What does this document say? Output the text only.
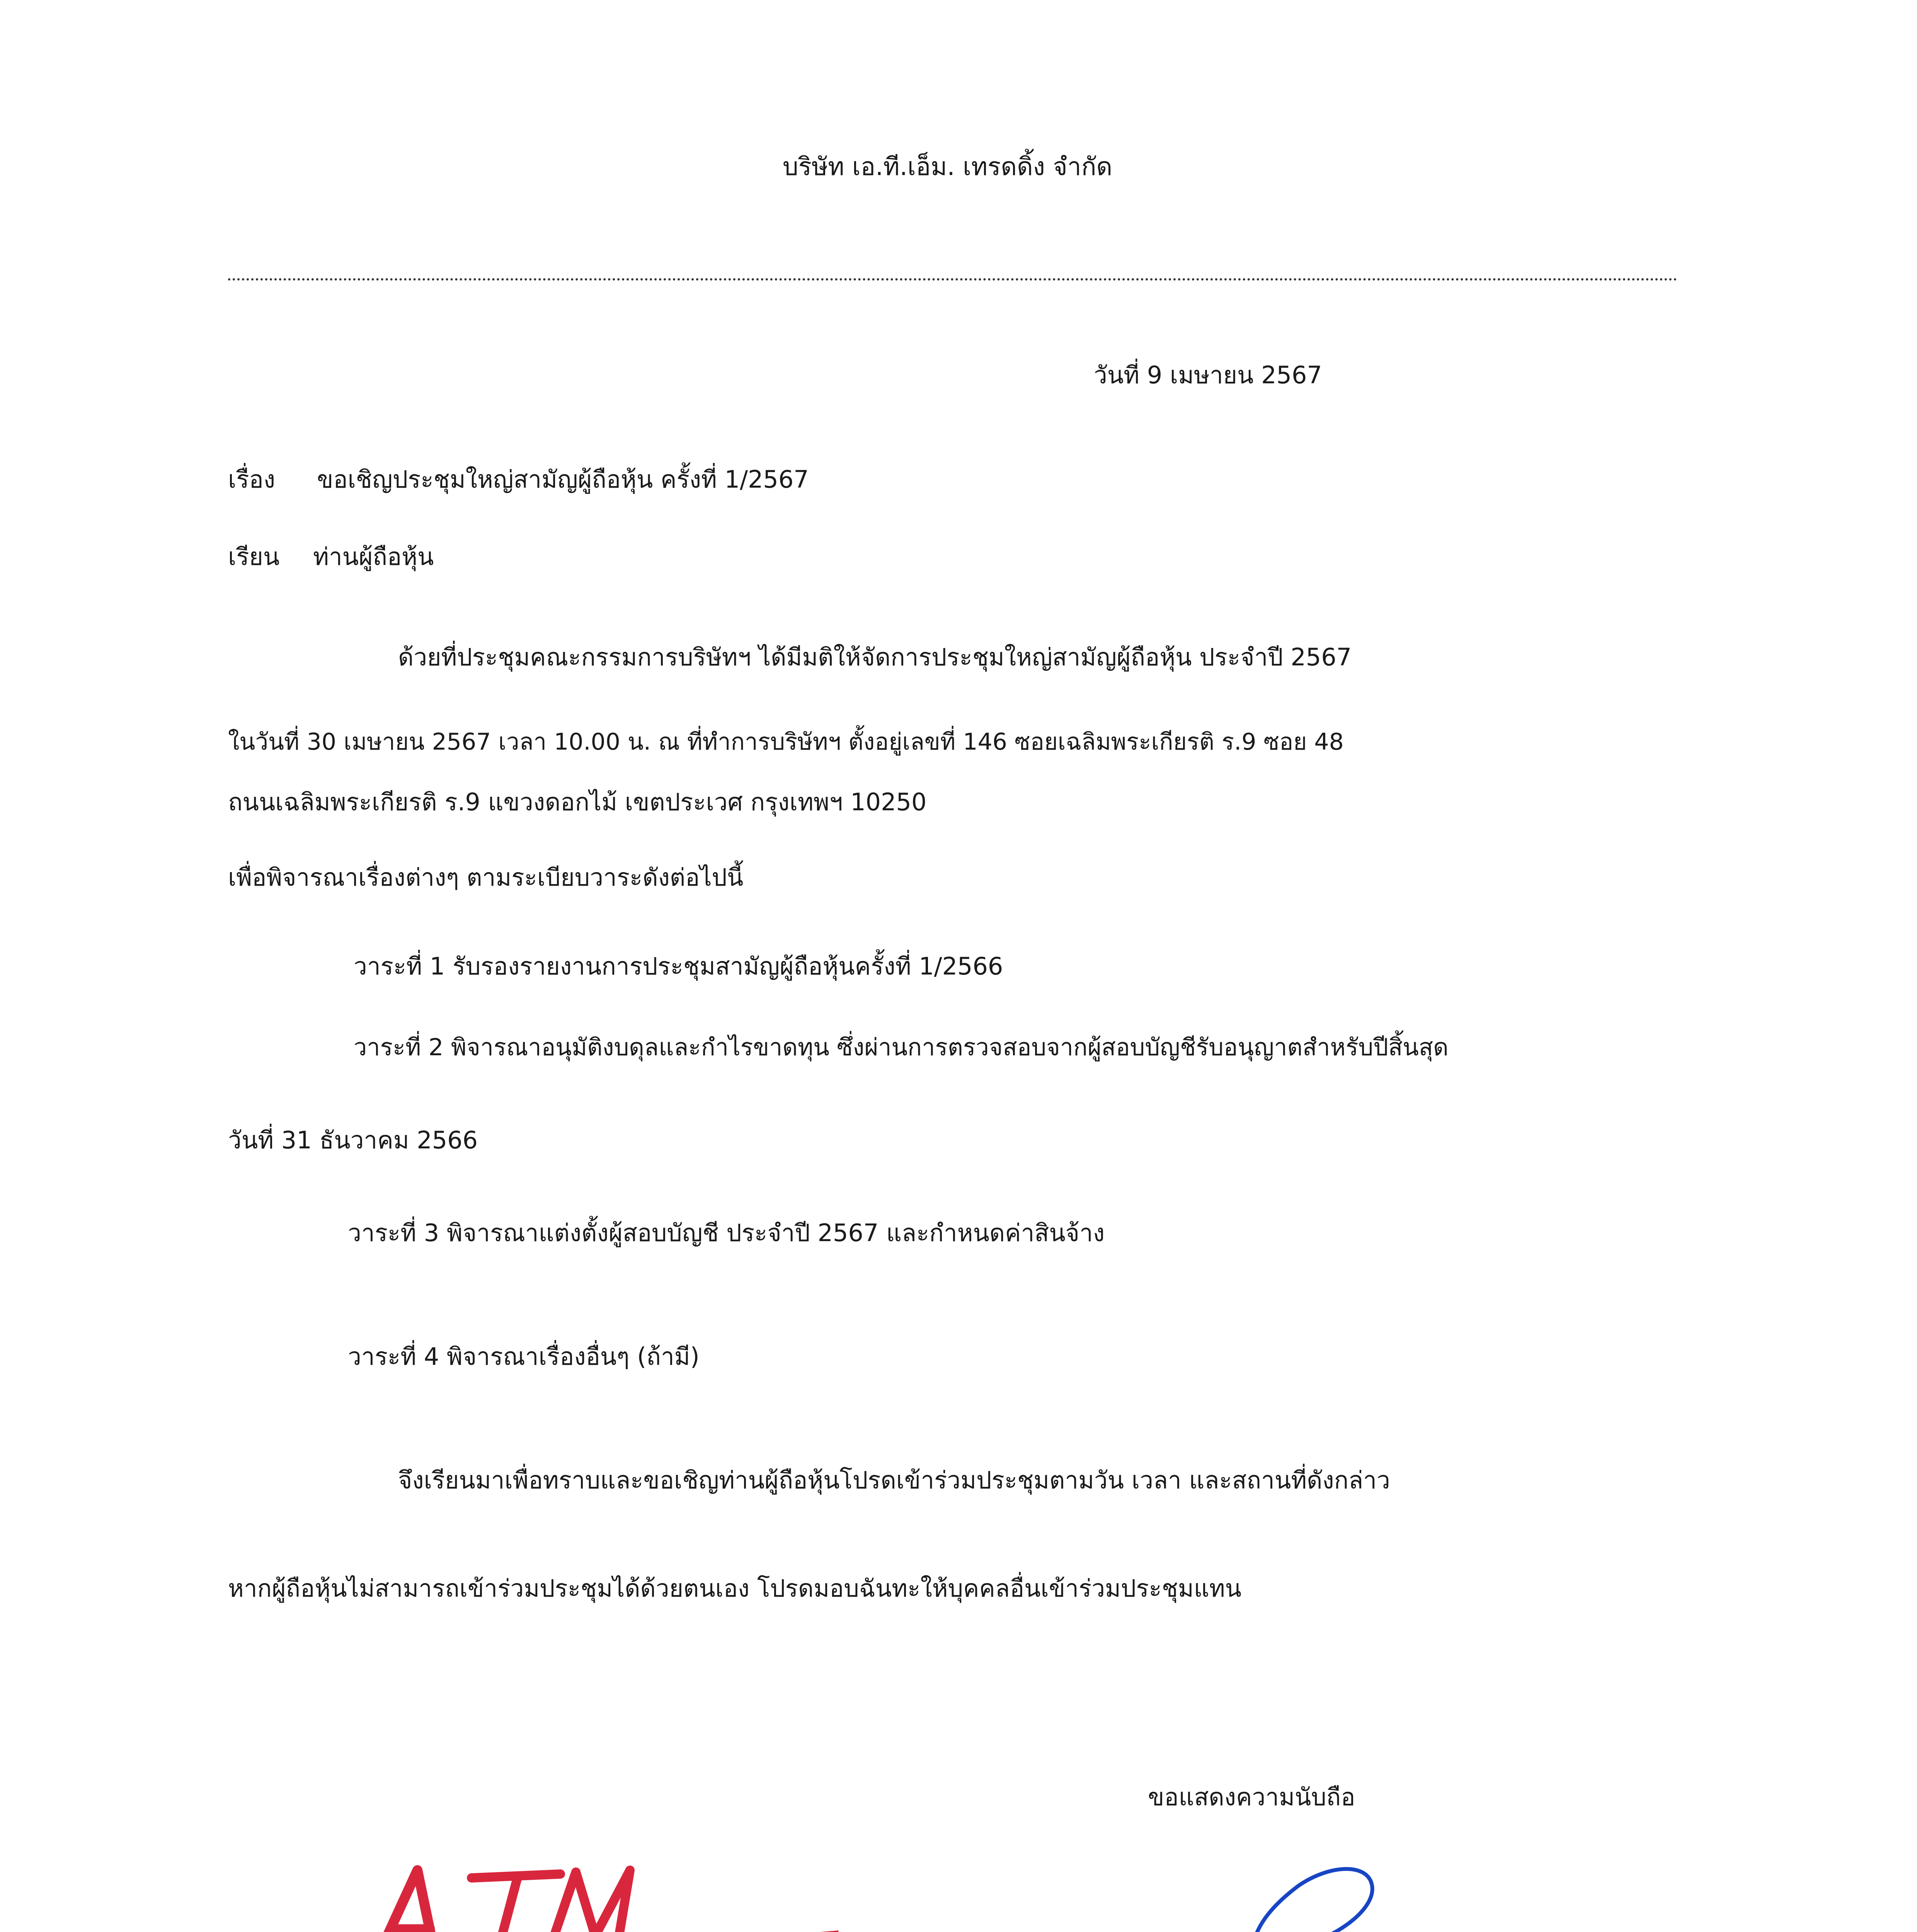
บริษัท เอ.ที.เอ็ม. เทรดดิ้ง จำกัด
วันที่ 9 เมษายน 2567
เรื่อง ขอเชิญประชุมใหญ่สามัญผู้ถือหุ้น ครั้งที่ 1/2567
เรียน ท่านผู้ถือหุ้น
ด้วยที่ประชุมคณะกรรมการบริษัทฯ ได้มีมติให้จัดการประชุมใหญ่สามัญผู้ถือหุ้น ประจำปี 2567
ในวันที่ 30 เมษายน 2567 เวลา 10.00 น. ณ ที่ทำการบริษัทฯ ตั้งอยู่เลขที่ 146 ซอยเฉลิมพระเกียรติ ร.9 ซอย 48
ถนนเฉลิมพระเกียรติ ร.9 แขวงดอกไม้ เขตประเวศ กรุงเทพฯ 10250
เพื่อพิจารณาเรื่องต่างๆ ตามระเบียบวาระดังต่อไปนี้
วาระที่ 1 รับรองรายงานการประชุมสามัญผู้ถือหุ้นครั้งที่ 1/2566
วาระที่ 2 พิจารณาอนุมัติงบดุลและกำไรขาดทุน ซึ่งผ่านการตรวจสอบจากผู้สอบบัญชีรับอนุญาตสำหรับปีสิ้นสุด
วันที่ 31 ธันวาคม 2566
วาระที่ 3 พิจารณาแต่งตั้งผู้สอบบัญชี ประจำปี 2567 และกำหนดค่าสินจ้าง
วาระที่ 4 พิจารณาเรื่องอื่นๆ (ถ้ามี)
จึงเรียนมาเพื่อทราบและขอเชิญท่านผู้ถือหุ้นโปรดเข้าร่วมประชุมตามวัน เวลา และสถานที่ดังกล่าว
หากผู้ถือหุ้นไม่สามารถเข้าร่วมประชุมได้ด้วยตนเอง โปรดมอบฉันทะให้บุคคลอื่นเข้าร่วมประชุมแทน
ขอแสดงความนับถือ
